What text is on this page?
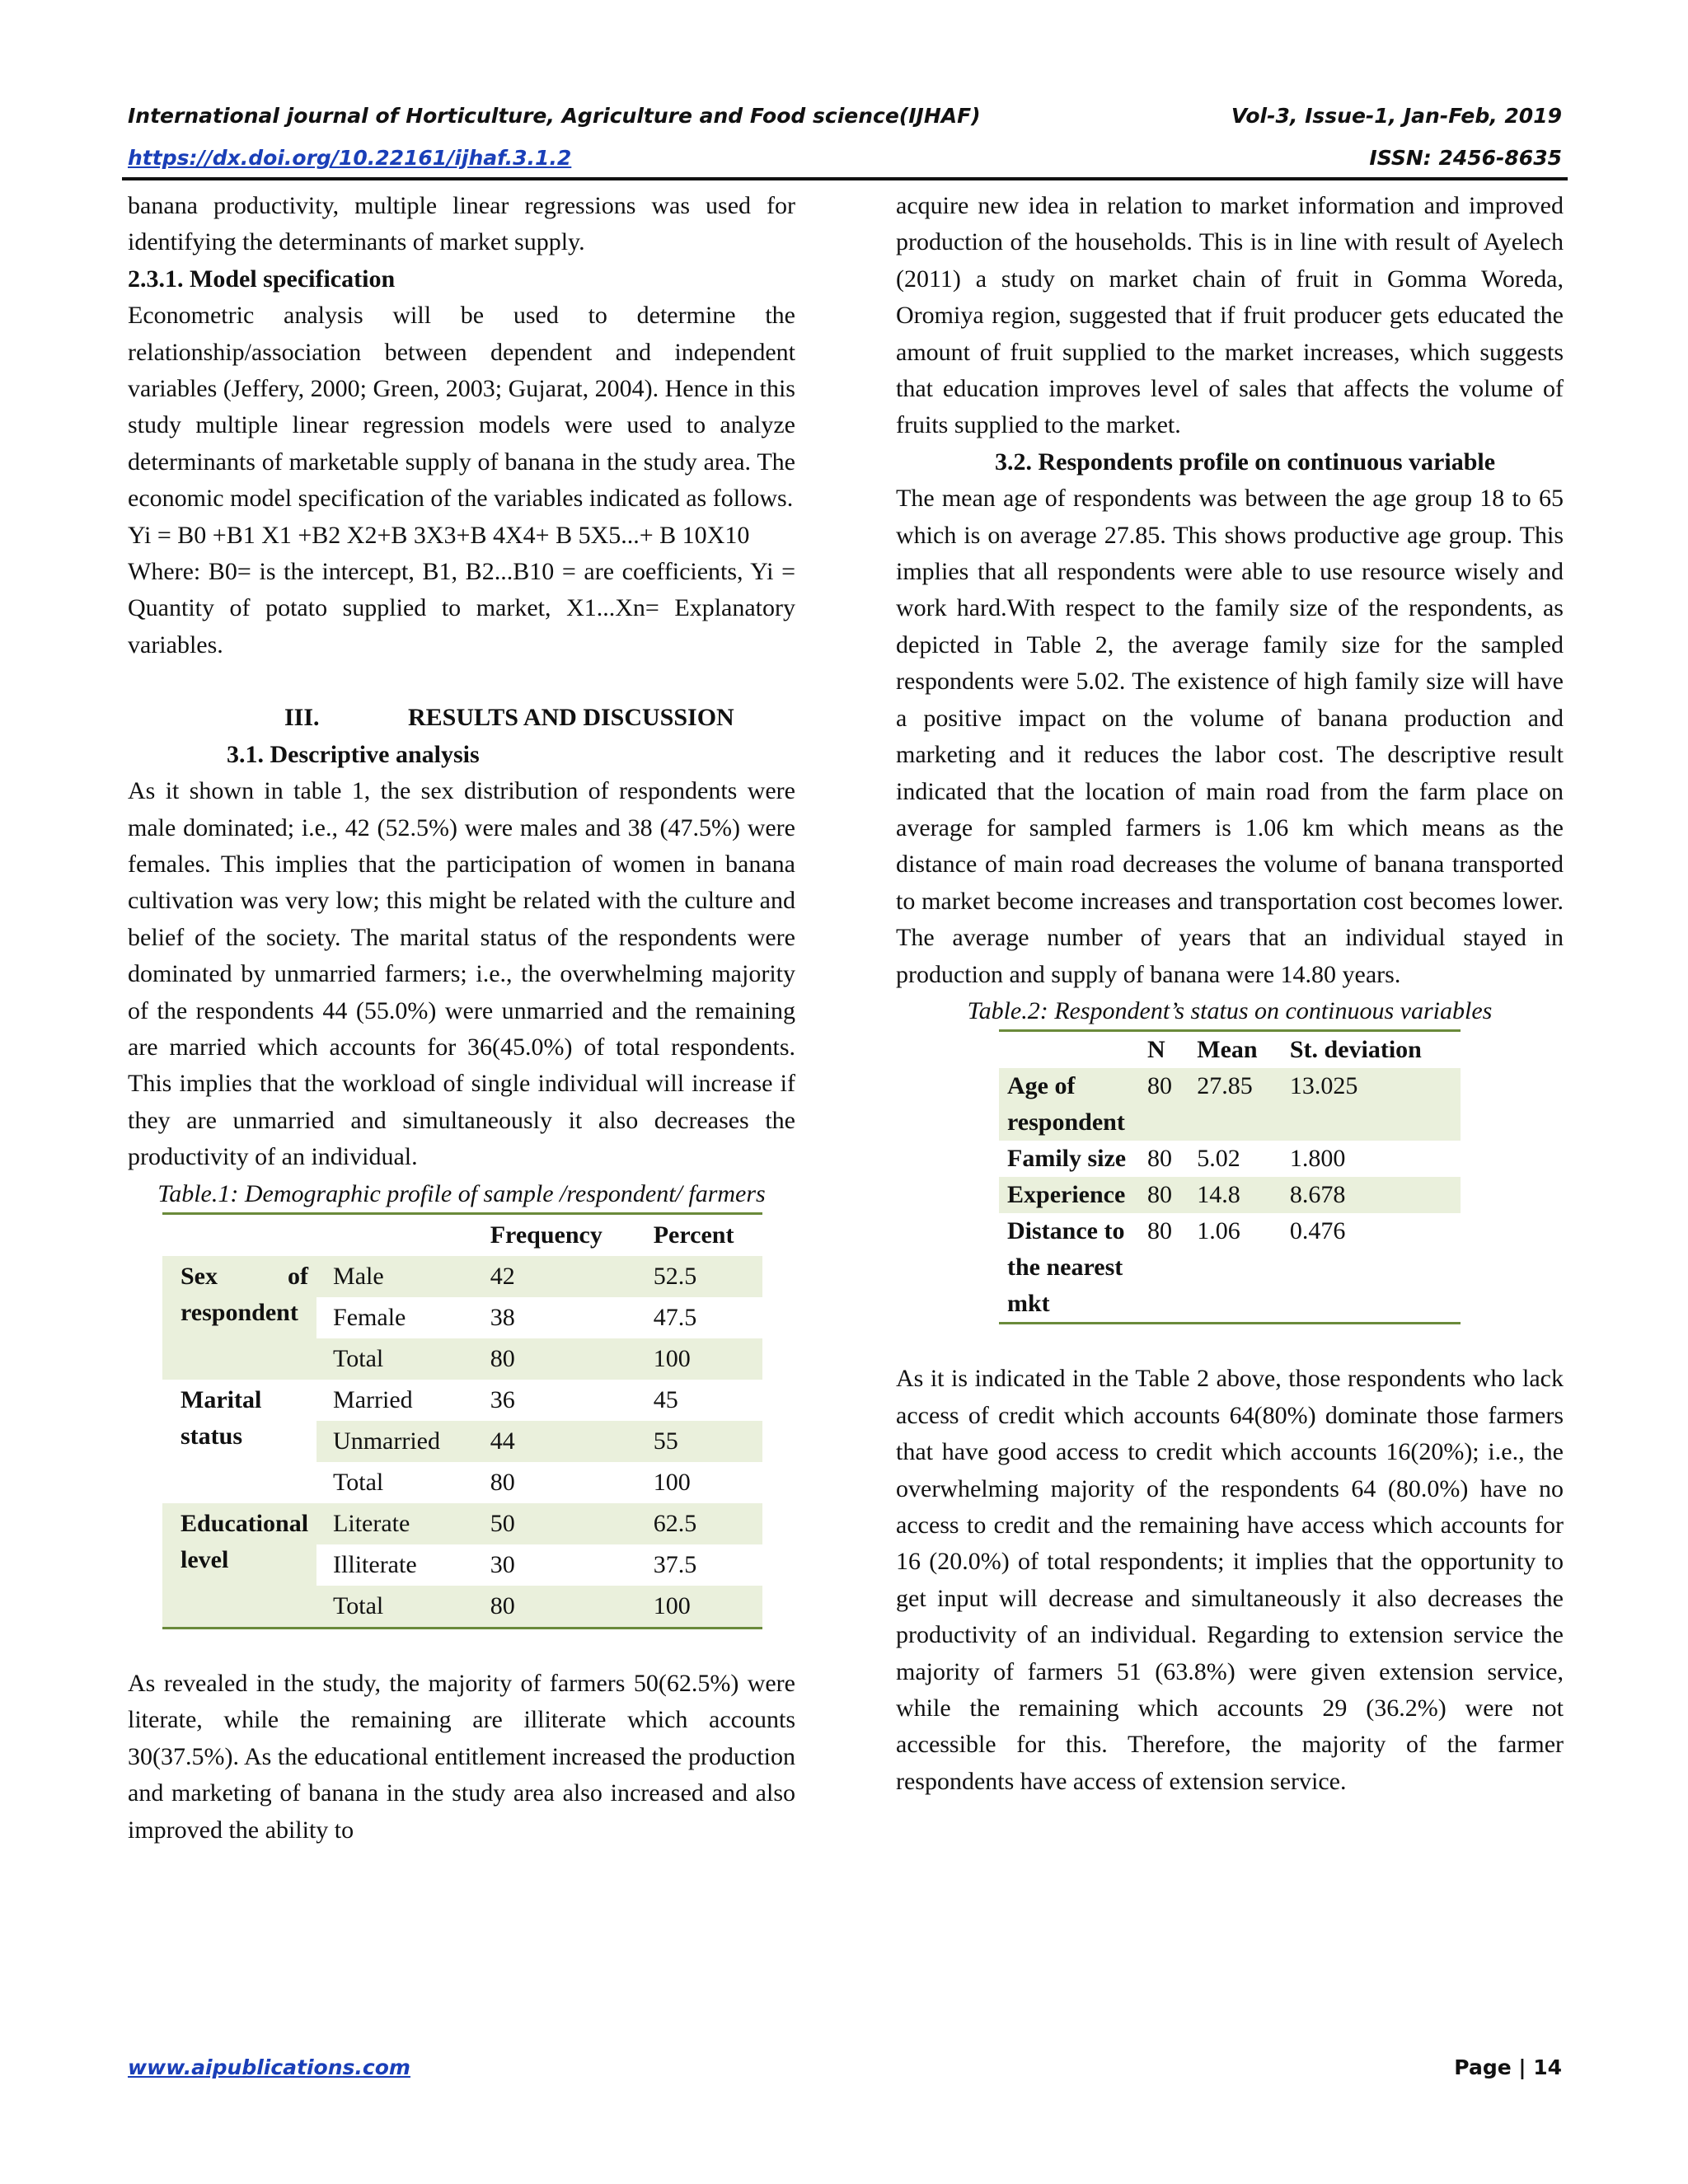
International journal of Horticulture, Agriculture and Food science(IJHAF)	Vol-3, Issue-1, Jan-Feb, 2019
https://dx.doi.org/10.22161/ijhaf.3.1.2	ISSN: 2456-8635

banana productivity, multiple linear regressions was used for identifying the determinants of market supply.

2.3.1. Model specification

Econometric analysis will be used to determine the relationship/association between dependent and independent variables (Jeffery, 2000; Green, 2003; Gujarat, 2004). Hence in this study multiple linear regression models were used to analyze determinants of marketable supply of banana in the study area. The economic model specification of the variables indicated as follows.

Yi = B0 +B1 X1 +B2 X2+B 3X3+B 4X4+ B 5X5...+ B 10X10

Where: B0= is the intercept, B1, B2...B10 = are coefficients, Yi = Quantity of potato supplied to market, X1...Xn= Explanatory variables.

III.	RESULTS AND DISCUSSION

3.1. Descriptive analysis

As it shown in table 1, the sex distribution of respondents were male dominated; i.e., 42 (52.5%) were males and 38 (47.5%) were females. This implies that the participation of women in banana cultivation was very low; this might be related with the culture and belief of the society. The marital status of the respondents were dominated by unmarried farmers; i.e., the overwhelming majority of the respondents 44 (55.0%) were unmarried and the remaining are married which accounts for 36(45.0%) of total respondents. This implies that the workload of single individual will increase if they are unmarried and simultaneously it also decreases the productivity of an individual.

Table.1: Demographic profile of sample /respondent/ farmers

		Frequency	Percent
Sex of respondent	Male	42	52.5
	Female	38	47.5
	Total	80	100
Marital status	Married	36	45
	Unmarried	44	55
	Total	80	100
Educational level	Literate	50	62.5
	Illiterate	30	37.5
	Total	80	100

As revealed in the study, the majority of farmers 50(62.5%) were literate, while the remaining are illiterate which accounts 30(37.5%). As the educational entitlement increased the production and marketing of banana in the study area also increased and also improved the ability to

acquire new idea in relation to market information and improved production of the households. This is in line with result of Ayelech (2011) a study on market chain of fruit in Gomma Woreda, Oromiya region, suggested that if fruit producer gets educated the amount of fruit supplied to the market increases, which suggests that education improves level of sales that affects the volume of fruits supplied to the market.

3.2. Respondents profile on continuous variable

The mean age of respondents was between the age group 18 to 65 which is on average 27.85. This shows productive age group. This implies that all respondents were able to use resource wisely and work hard.With respect to the family size of the respondents, as depicted in Table 2, the average family size for the sampled respondents were 5.02. The existence of high family size will have a positive impact on the volume of banana production and marketing and it reduces the labor cost. The descriptive result indicated that the location of main road from the farm place on average for sampled farmers is 1.06 km which means as the distance of main road decreases the volume of banana transported to market become increases and transportation cost becomes lower. The average number of years that an individual stayed in production and supply of banana were 14.80 years.

Table.2: Respondent’s status on continuous variables

	N	Mean	St. deviation
Age of respondent	80	27.85	13.025
Family size	80	5.02	1.800
Experience	80	14.8	8.678
Distance to the nearest mkt	80	1.06	0.476

As it is indicated in the Table 2 above, those respondents who lack access of credit which accounts 64(80%) dominate those farmers that have good access to credit which accounts 16(20%); i.e., the overwhelming majority of the respondents 64 (80.0%) have no access to credit and the remaining have access which accounts for 16 (20.0%) of total respondents; it implies that the opportunity to get input will decrease and simultaneously it also decreases the productivity of an individual. Regarding to extension service the majority of farmers 51 (63.8%) were given extension service, while the remaining which accounts 29 (36.2%) were not accessible for this. Therefore, the majority of the farmer respondents have access of extension service.

www.aipublications.com	Page | 14
